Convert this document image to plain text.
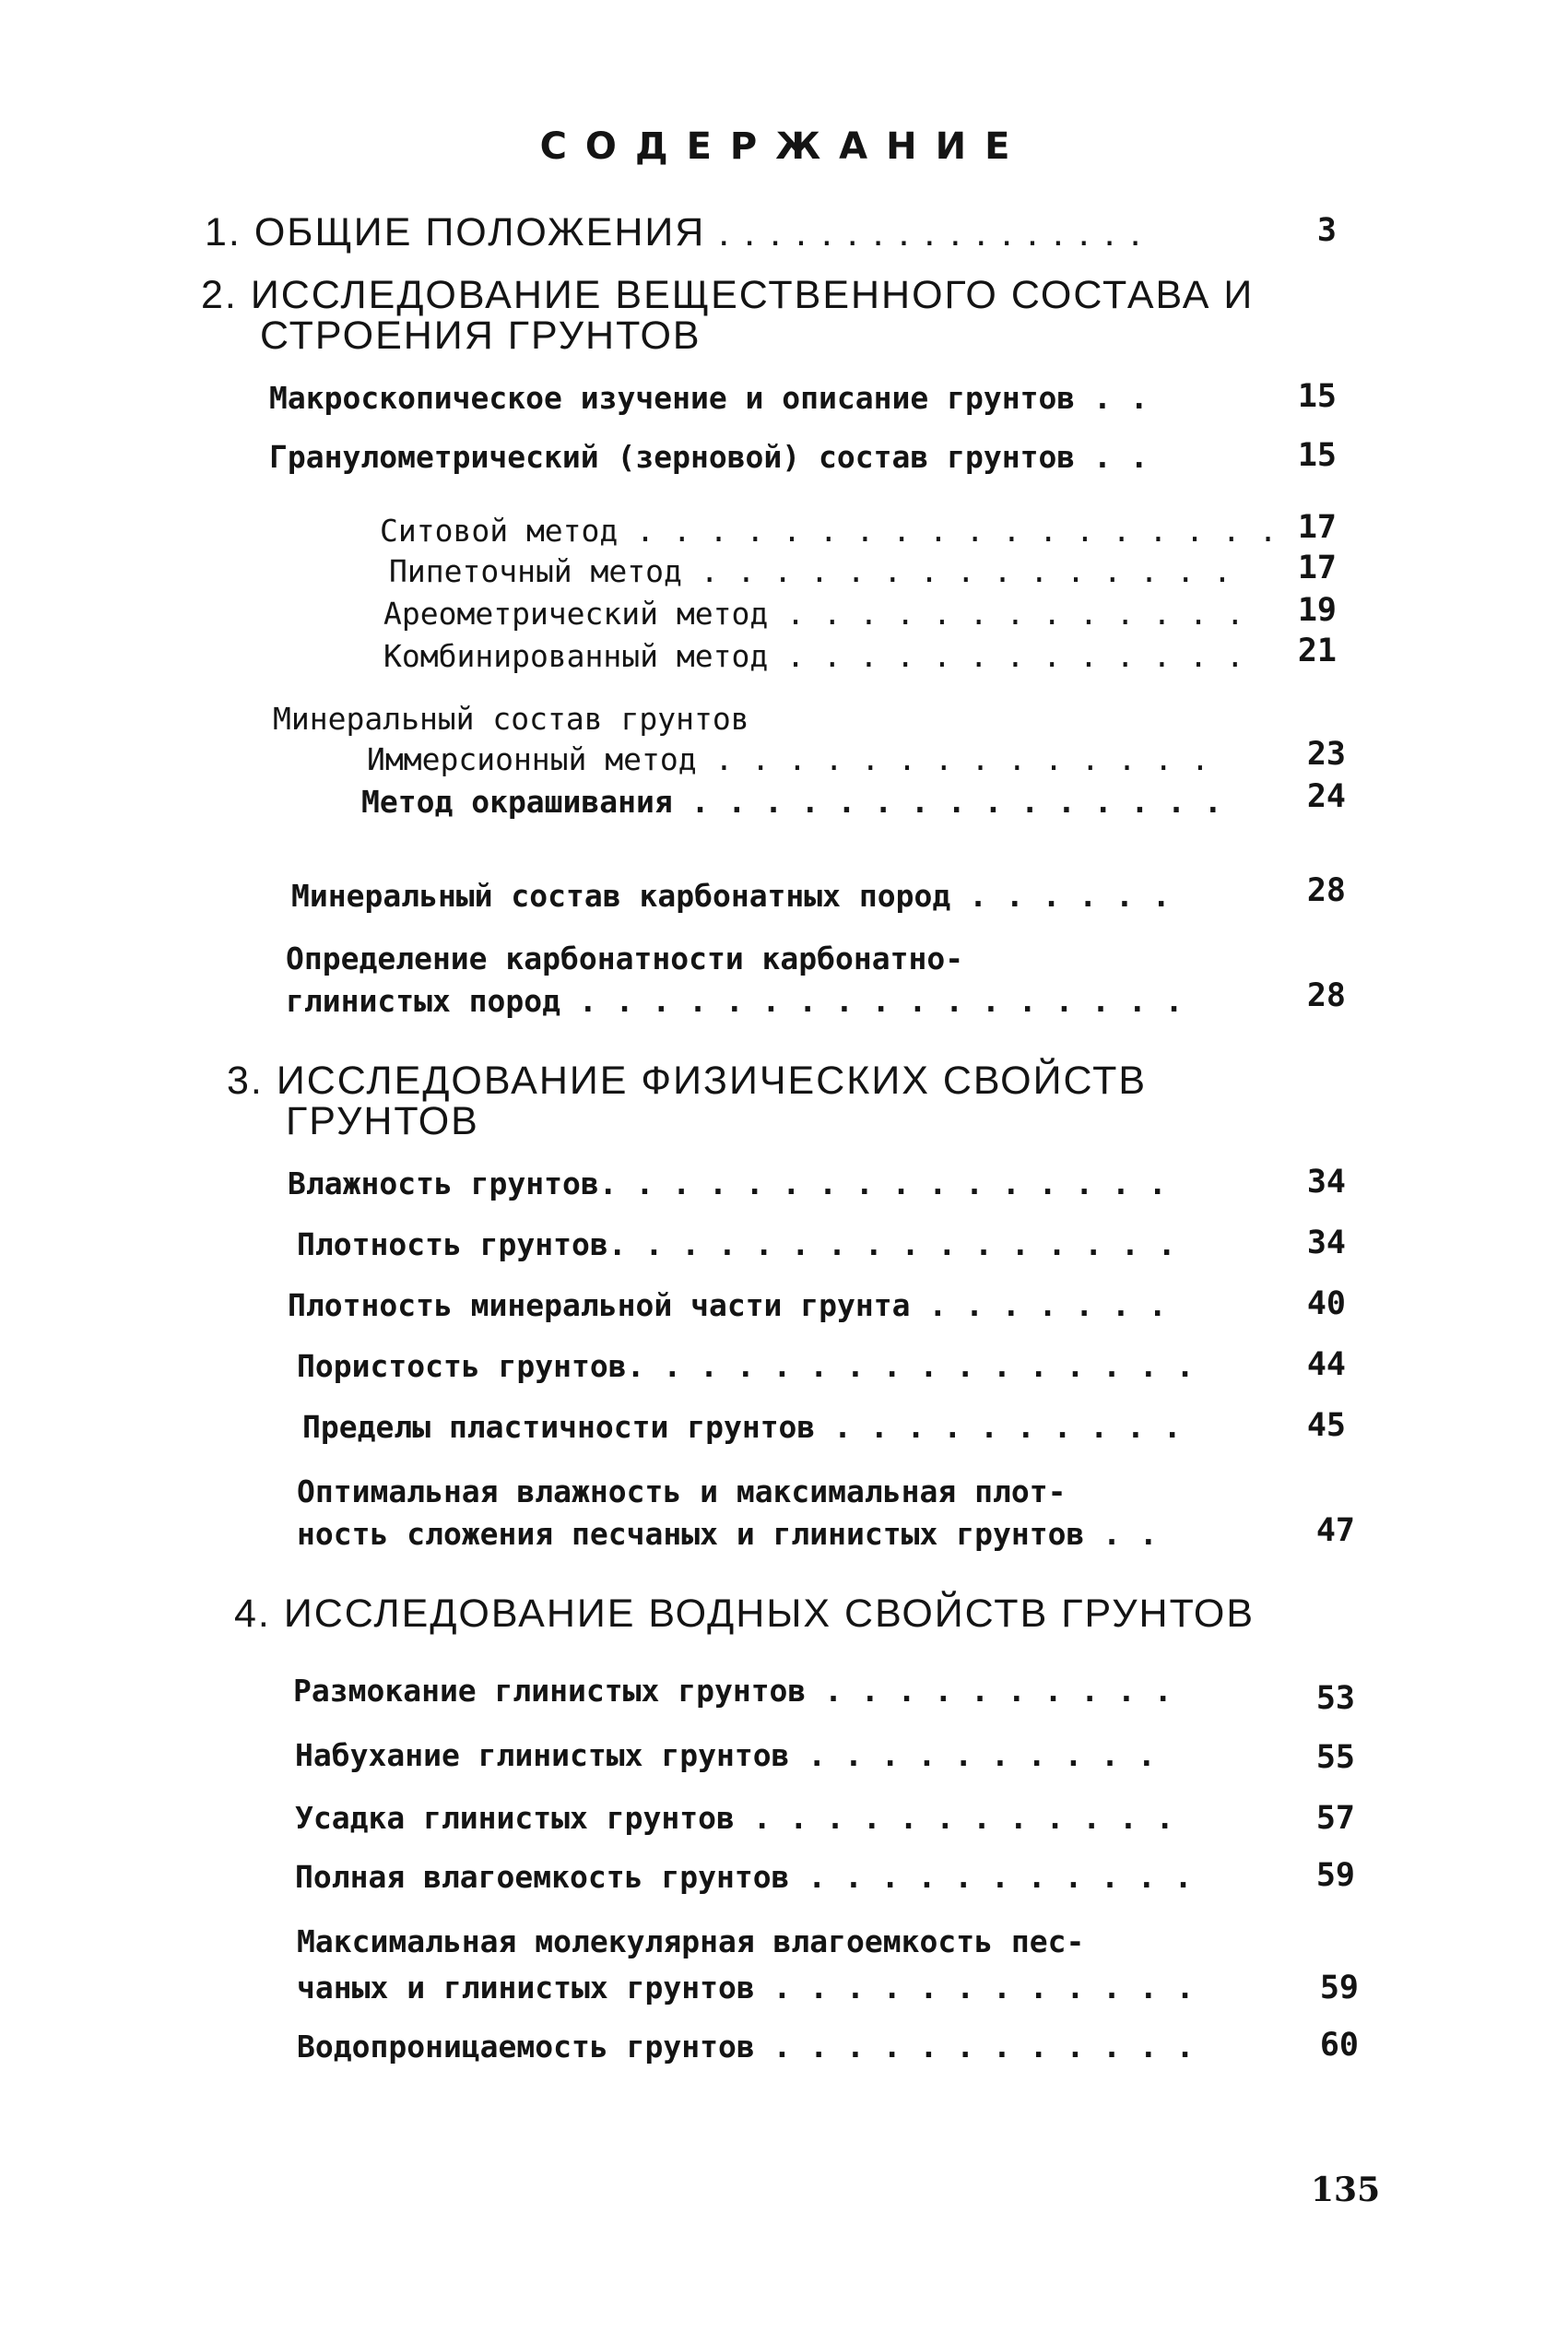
СОДЕРЖАНИЕ
1. ОБЩИЕ ПОЛОЖЕНИЯ . . . . . . . . . . . . . . . . .	3
2. ИССЛЕДОВАНИЕ ВЕЩЕСТВЕННОГО СОСТАВА И
СТРОЕНИЯ ГРУНТОВ
Макроскопическое изучение и описание грунтов . .	15
Гранулометрический (зерновой) состав грунтов . .	15
Ситовой метод . . . . . . . . . . . . . . . . . . 17
Пипеточный метод . . . . . . . . . . . . . . .	17
Ареометрический метод . . . . . . . . . . . . .	19
Комбинированный метод . . . . . . . . . . . . .	21
Минеральный состав грунтов
Иммерсионный метод . . . . . . . . . . . . . .	23
Метод окрашивания . . . . . . . . . . . . . . .	24
Минеральный состав карбонатных пород . . . . . .	28
Определение карбонатности карбонатно-
глинистых пород . . . . . . . . . . . . . . . . .	28
3. ИССЛЕДОВАНИЕ ФИЗИЧЕСКИХ СВОЙСТВ
ГРУНТОВ
Влажность грунтов. . . . . . . . . . . . . . . .	34
Плотность грунтов. . . . . . . . . . . . . . . .	34
Плотность минеральной части грунта . . . . . . .	40
Пористость грунтов. . . . . . . . . . . . . . . .	44
Пределы пластичности грунтов . . . . . . . . . .	45
Оптимальная влажность и максимальная плот-
ность сложения песчаных и глинистых грунтов . .	47
4. ИССЛЕДОВАНИЕ ВОДНЫХ СВОЙСТВ ГРУНТОВ
Размокание глинистых грунтов . . . . . . . . . .	53
Набухание глинистых грунтов . . . . . . . . . .	55
Усадка глинистых грунтов . . . . . . . . . . . .	57
Полная влагоемкость грунтов . . . . . . . . . . .	59
Максимальная молекулярная влагоемкость пес-
чаных и глинистых грунтов . . . . . . . . . . . .	59
Водопроницаемость грунтов . . . . . . . . . . . .	60
135
